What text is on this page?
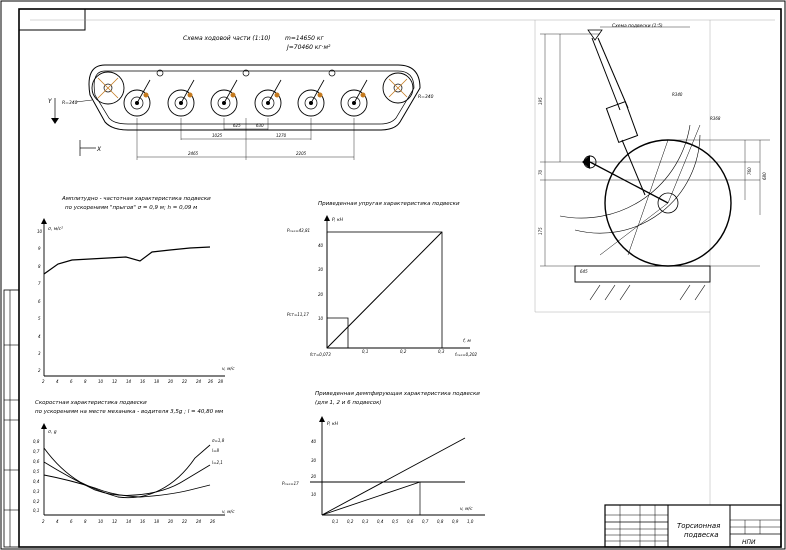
Схема ходовой части (1:10) m=14650 кг
J=70460 кг·м²
R=340
R=340
Y
X
625	630
1025	1270
2465	2205
Схема подвески (1:5)
R340
R368
760
680
195
70
175
645
Амплитудно - частотная характеристика подвески
по ускорениям "прыгов" σ = 0,9 м; h = 0,09 м
σ, м/с²
v, м/с
2	4	6	8	10 12 14 16 18 20 22 24 26 28
10
9
8
7
6
5
4
3
2
Приведенная упругая характеристика подвески
P, кН
f, м
Pₘₐₓ=43,81
Pст=11,17
fст=0,073	fₘₐₓ=0,202
40
30
20
10
0,1	0,2	0,3
Скоростная характеристика подвески
по ускорениям на месте механика - водителя 3,5g ; l = 40,80 мм
σ, g
v, м/с
σ=1,8
l=8
l=2,1
0,8
0,7
0,6
0,5
0,4
0,3
0,2
0,1
2	4	6	8	10 12 14 16 18 20 22 24 26
Приведенная демпфирующая характеристика подвески
(для 1, 2 и 6 подвесок)
P, кН
v, м/с
Pₘₐₓ=17
40
30
20
10
0,1 0,2 0,3 0,4 0,5 0,6 0,7 0,8 0,9 1,0
Торсионная
подвеска
НПИ
